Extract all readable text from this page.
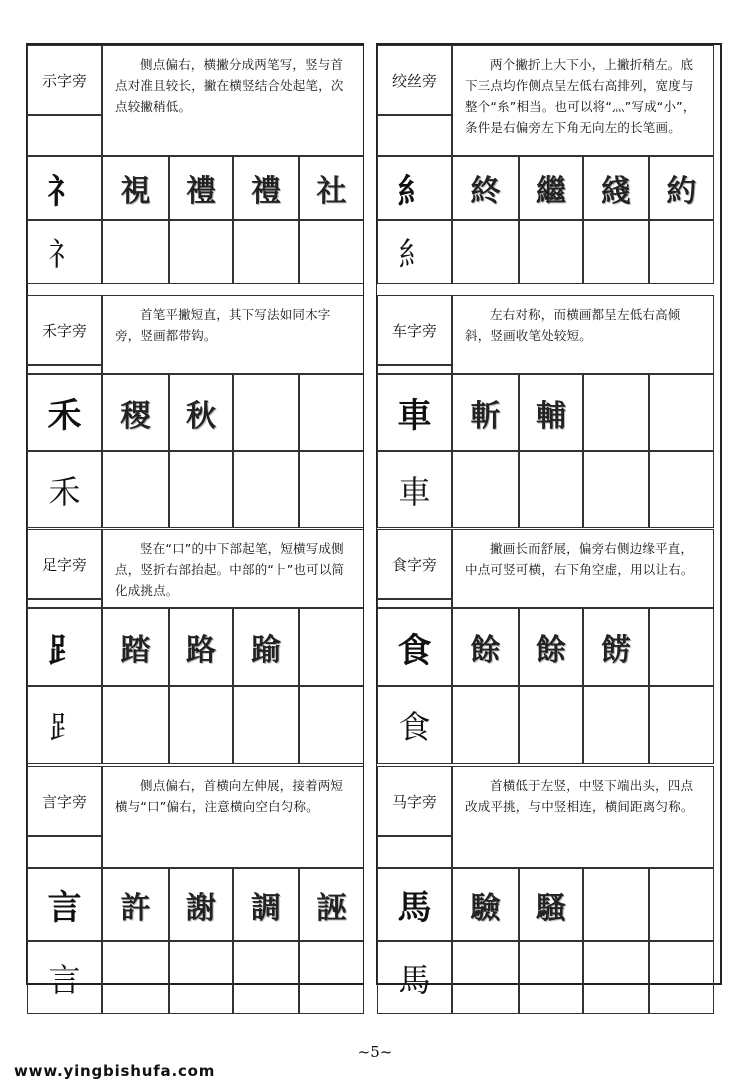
示字旁
侧点偏右，横撇分成两笔写，竖与首点对准且较长，撇在横竖结合处起笔，次点较撇稍低。
礻	視 禮 禮 社
礻
绞丝旁
两个撇折上大下小，上撇折稍左。底下三点均作侧点呈左低右高排列，宽度与整个“糸”相当。也可以将“灬”写成“小”，条件是右偏旁左下角无向左的长笔画。
糹	終 繼 綫 約
糹
禾字旁
首笔平撇短直，其下写法如同木字旁，竖画都带钩。
禾	稷 秋
禾
车字旁
左右对称，而横画都呈左低右高倾斜，竖画收笔处较短。
車	斬 輔
車
足字旁
竖在“口”的中下部起笔，短横写成侧点，竖折右部抬起。中部的“⺊”也可以简化成挑点。
⻊	踏 路 踰
⻊
食字旁
撇画长而舒展，偏旁右侧边缘平直，中点可竖可横，右下角空虚，用以让右。
食	餘 餘 餝
食
言字旁
侧点偏右，首横向左伸展，接着两短横与“口”偏右，注意横向空白匀称。
言	許 謝 調 誣
言
马字旁
首横低于左竖，中竖下端出头，四点改成平挑，与中竖相连，横间距离匀称。
馬	驗 騷
馬
~5~
www.yingbishufa.com
